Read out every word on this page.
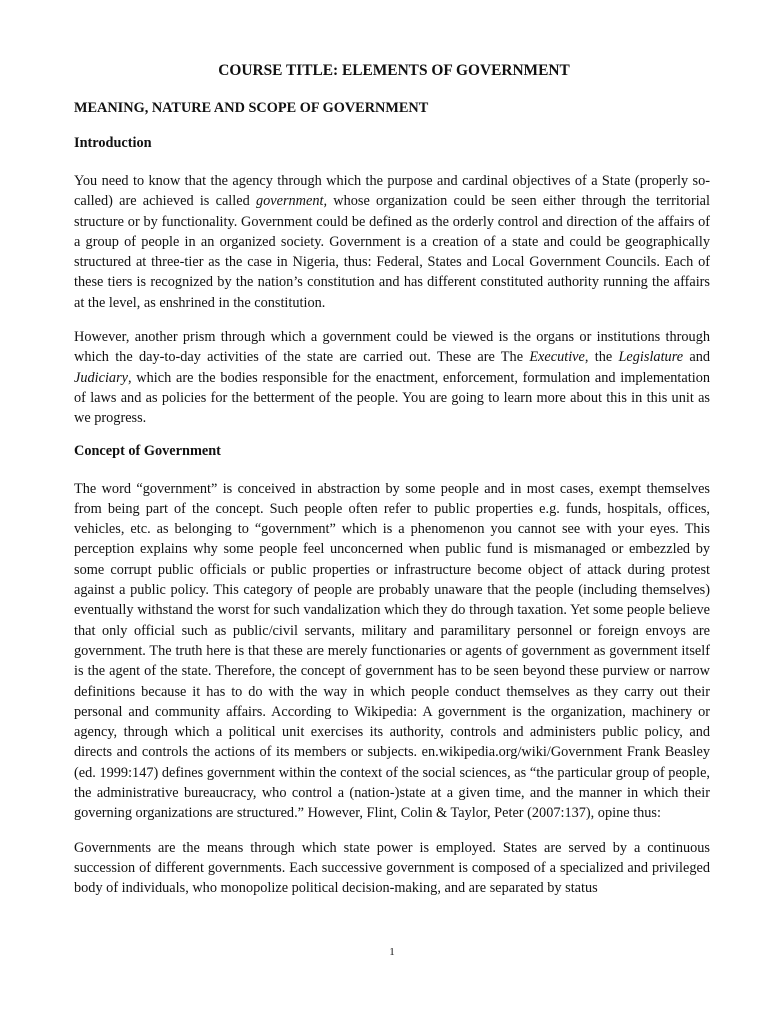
COURSE TITLE: ELEMENTS OF GOVERNMENT
MEANING, NATURE AND SCOPE OF GOVERNMENT
Introduction

You need to know that the agency through which the purpose and cardinal objectives of a State (properly so-called) are achieved is called government, whose organization could be seen either through the territorial structure or by functionality. Government could be defined as the orderly control and direction of the affairs of a group of people in an organized society. Government is a creation of a state and could be geographically structured at three-tier as the case in Nigeria, thus: Federal, States and Local Government Councils. Each of these tiers is recognized by the nation’s constitution and has different constituted authority running the affairs at the level, as enshrined in the constitution.

However, another prism through which a government could be viewed is the organs or institutions through which the day-to-day activities of the state are carried out. These are The Executive, the Legislature and Judiciary, which are the bodies responsible for the enactment, enforcement, formulation and implementation of laws and as policies for the betterment of the people. You are going to learn more about this in this unit as we progress.

Concept of Government

The word “government” is conceived in abstraction by some people and in most cases, exempt themselves from being part of the concept. Such people often refer to public properties e.g. funds, hospitals, offices, vehicles, etc. as belonging to “government” which is a phenomenon you cannot see with your eyes. This perception explains why some people feel unconcerned when public fund is mismanaged or embezzled by some corrupt public officials or public properties or infrastructure become object of attack during protest against a public policy. This category of people are probably unaware that the people (including themselves) eventually withstand the worst for such vandalization which they do through taxation. Yet some people believe that only official such as public/civil servants, military and paramilitary personnel or foreign envoys are government. The truth here is that these are merely functionaries or agents of government as government itself is the agent of the state. Therefore, the concept of government has to be seen beyond these purview or narrow definitions because it has to do with the way in which people conduct themselves as they carry out their personal and community affairs. According to Wikipedia: A government is the organization, machinery or agency, through which a political unit exercises its authority, controls and administers public policy, and directs and controls the actions of its members or subjects. en.wikipedia.org/wiki/Government Frank Beasley (ed. 1999:147) defines government within the context of the social sciences, as “the particular group of people, the administrative bureaucracy, who control a (nation-)state at a given time, and the manner in which their governing organizations are structured.” However, Flint, Colin & Taylor, Peter (2007:137), opine thus:

Governments are the means through which state power is employed. States are served by a continuous succession of different governments. Each successive government is composed of a specialized and privileged body of individuals, who monopolize political decision-making, and are separated by status

1
